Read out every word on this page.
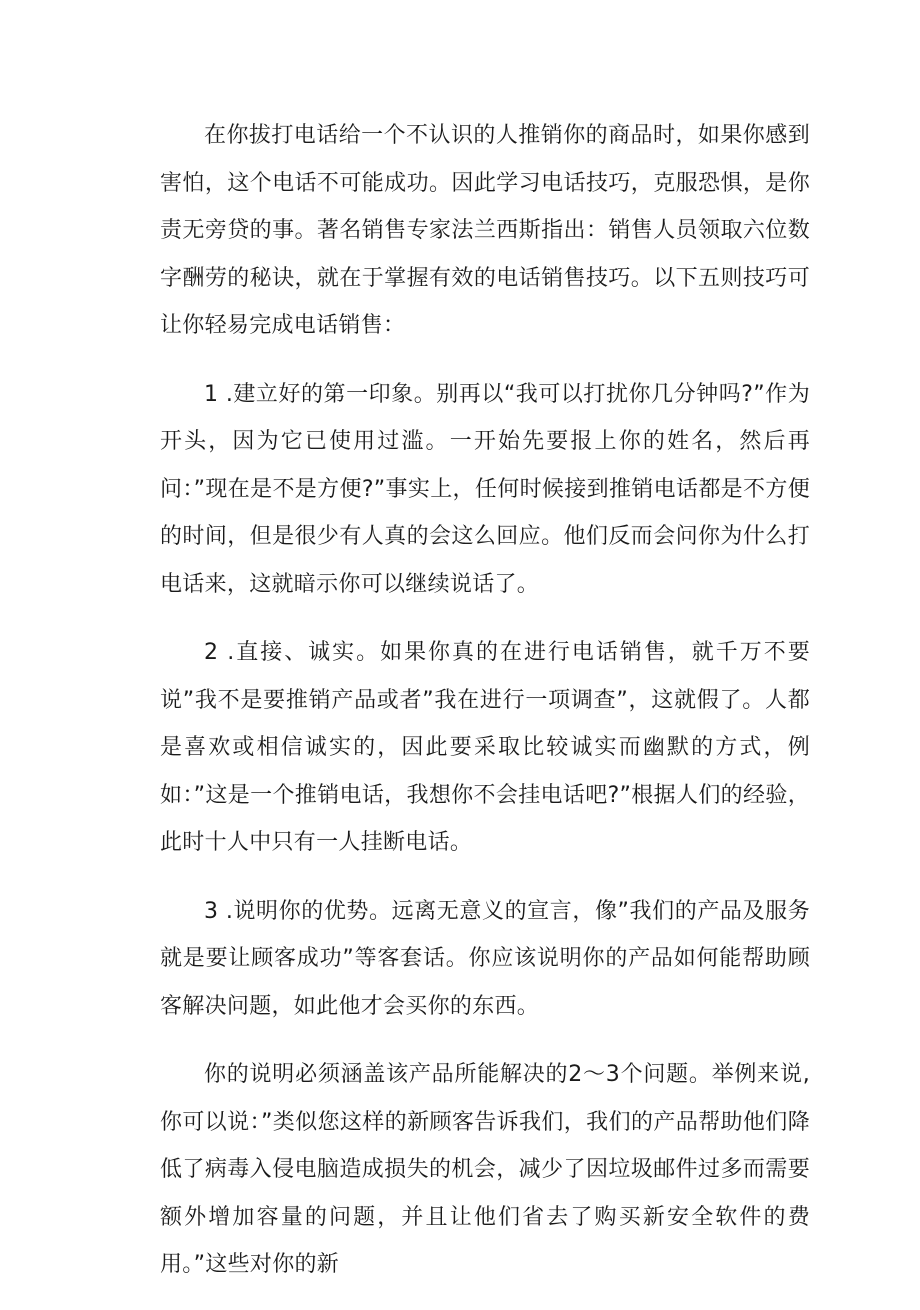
在你拔打电话给一个不认识的人推销你的商品时，如果你感到害怕，这个电话不可能成功。因此学习电话技巧，克服恐惧，是你责无旁贷的事。著名销售专家法兰西斯指出：销售人员领取六位数字酬劳的秘诀，就在于掌握有效的电话销售技巧。以下五则技巧可让你轻易完成电话销售：

1 .建立好的第一印象。别再以“我可以打扰你几分钟吗?”作为开头，因为它已使用过滥。一开始先要报上你的姓名，然后再问：”现在是不是方便?”事实上，任何时候接到推销电话都是不方便的时间，但是很少有人真的会这么回应。他们反而会问你为什么打电话来，这就暗示你可以继续说话了。

2 .直接、诚实。如果你真的在进行电话销售，就千万不要说”我不是要推销产品或者”我在进行一项调查”，这就假了。人都是喜欢或相信诚实的，因此要采取比较诚实而幽默的方式，例如：”这是一个推销电话，我想你不会挂电话吧?”根据人们的经验，此时十人中只有一人挂断电话。

3 .说明你的优势。远离无意义的宣言，像”我们的产品及服务就是要让顾客成功”等客套话。你应该说明你的产品如何能帮助顾客解决问题，如此他才会买你的东西。

你的说明必须涵盖该产品所能解决的2〜3个问题。举例来说,你可以说：”类似您这样的新顾客告诉我们，我们的产品帮助他们降低了病毒入侵电脑造成损失的机会，减少了因垃圾邮件过多而需要额外增加容量的问题，并且让他们省去了购买新安全软件的费用。”这些对你的新
